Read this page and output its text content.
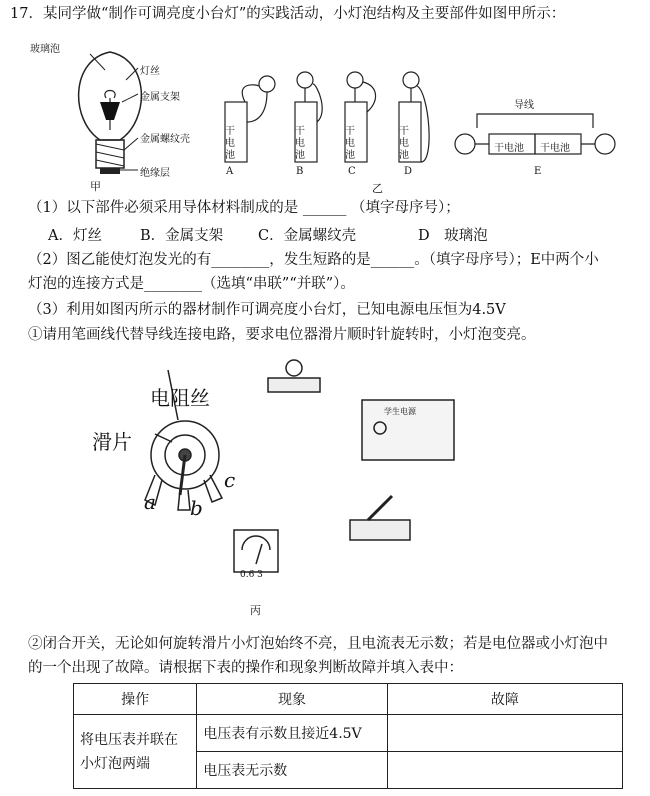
17．某同学做“制作可调亮度小台灯”的实践活动，小灯泡结构及主要部件如图甲所示：
玻璃泡
灯丝
金属支架
金属螺纹壳
绝缘层
甲
干
电
池
干
电
池
干
电
池
干
电
池
干电池 干电池
导线
A	B	C	D	E
乙
（1）以下部件必须采用导体材料制成的是 ______ （填字母序号）；
A．灯丝	B．金属支架 C．金属螺纹壳	D　玻璃泡
（2）图乙能使灯泡发光的有________，发生短路的是______。（填字母序号）；E中两个小
灯泡的连接方式是________（选填“串联”“并联”）。
（3）利用如图丙所示的器材制作可调亮度小台灯，已知电源电压恒为4.5V
①请用笔画线代替导线连接电路，要求电位器滑片顺时针旋转时，小灯泡变亮。
电阻丝
滑片
a b
c
学生电源
0.6 3
丙
②闭合开关，无论如何旋转滑片小灯泡始终不亮，且电流表无示数；若是电位器或小灯泡中
的一个出现了故障。请根据下表的操作和现象判断故障并填入表中：
操作	现象	故障

将电压表并联在
小灯泡两端	电压表有示数且接近4.5V	
	电压表无示数	
